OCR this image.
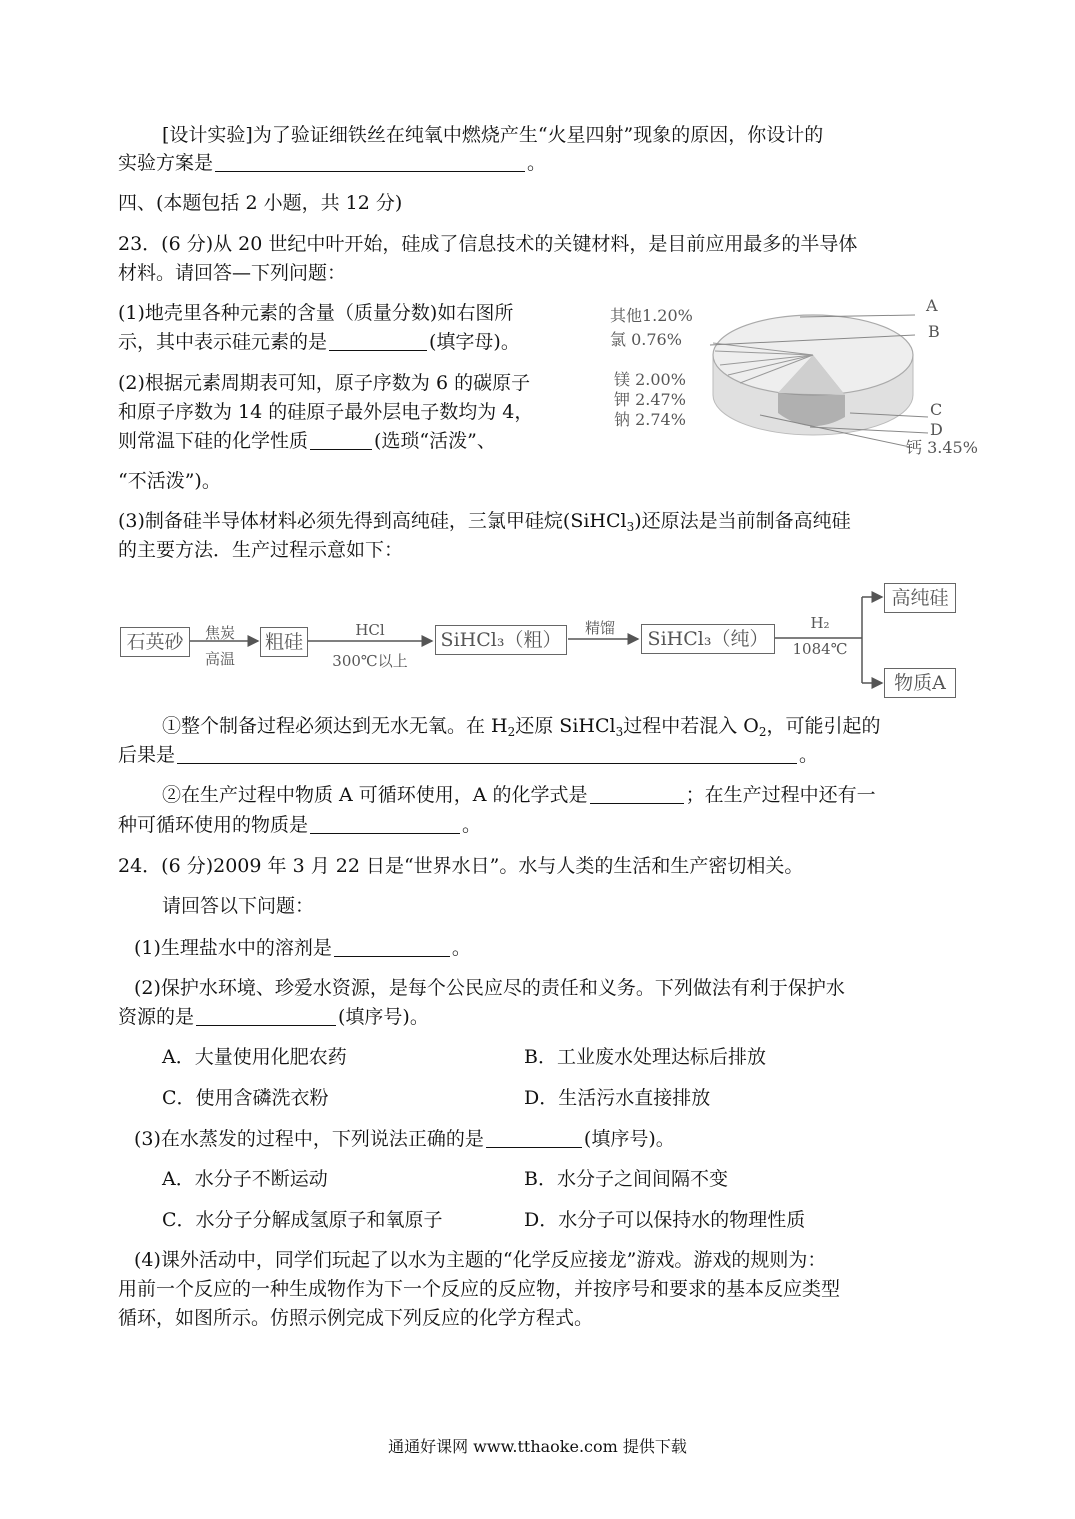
[设计实验]为了验证细铁丝在纯氧中燃烧产生“火星四射”现象的原因，你设计的
实验方案是	。
四、(本题包括 2 小题，共 12 分)
23．(6 分)从 20 世纪中叶开始，硅成了信息技术的关键材料，是目前应用最多的半导体
材料。请回答—下列问题：
(1)地壳里各种元素的含量（质量分数)如右图所
示，其中表示硅元素的是	(填字母)。
(2)根据元素周期表可知，原子序数为 6 的碳原子
和原子序数为 14 的硅原子最外层电子数均为 4，
则常温下硅的化学性质	(选琐“活泼”、
“不活泼”)。
其他1.20%
氯 0.76%
镁 2.00%
钾 2.47%
钠 2.74%
钙 3.45%
A
B
C
D
(3)制备硅半导体材料必须先得到高纯硅，三氯甲硅烷(SiHCl$_3$)还原法是当前制备高纯硅
的主要方法．生产过程示意如下：
石英砂	焦炭
高温
粗硅
HCl
300℃以上
SiHCl₃（粗）
精馏	SiHCl₃（纯）
H₂
1084℃
高纯硅
物质A
①整个制备过程必须达到无水无氧。在 $H_2$还原 SiHCl$_3$过程中若混入 $O_2$，可能引起的
后果是	。
②在生产过程中物质 A 可循环使用，A 的化学式是	；在生产过程中还有一
种可循环使用的物质是	。
24．(6 分)2009 年 3 月 22 日是“世界水日”。水与人类的生活和生产密切相关。
请回答以下问题：
(1)生理盐水中的溶剂是	。
(2)保护水环境、珍爱水资源，是每个公民应尽的责任和义务。下列做法有利于保护水
资源的是	(填序号)。
A．大量使用化肥农药	B．工业废水处理达标后排放
C．使用含磷洗衣粉	D．生活污水直接排放
(3)在水蒸发的过程中，下列说法正确的是	(填序号)。
A．水分子不断运动	B．水分子之间间隔不变
C．水分子分解成氢原子和氧原子	D．水分子可以保持水的物理性质
(4)课外活动中，同学们玩起了以水为主题的“化学反应接龙”游戏。游戏的规则为：
用前一个反应的一种生成物作为下一个反应的反应物，并按序号和要求的基本反应类型
循环，如图所示。仿照示例完成下列反应的化学方程式。
通通好课网 www.tthaoke.com 提供下载
